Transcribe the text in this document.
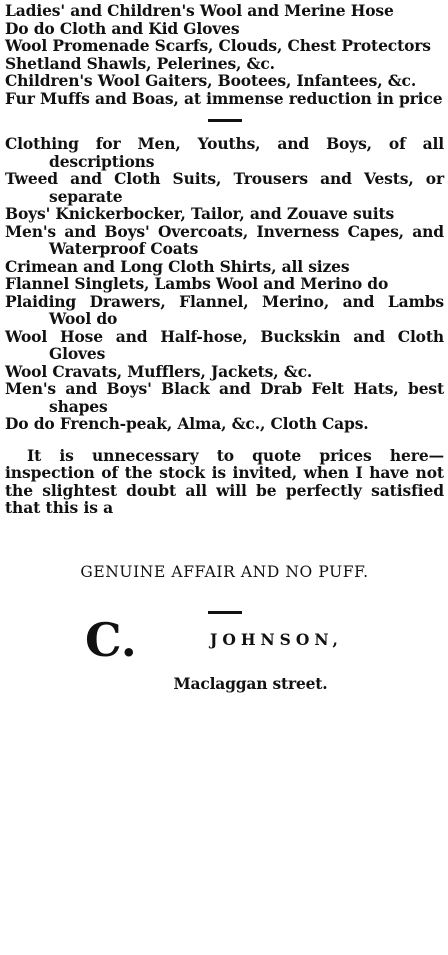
Ladies' and Children's Wool and Merine Hose

Do do Cloth and Kid Gloves

Wool Promenade Scarfs, Clouds, Chest Protectors

Shetland Shawls, Pelerines, &c.

Children's Wool Gaiters, Bootees, Infantees, &c.

Fur Muffs and Boas, at immense reduction in price

Clothing for Men, Youths, and Boys, of all descriptions

Tweed and Cloth Suits, Trousers and Vests, or separate

Boys' Knickerbocker, Tailor, and Zouave suits

Men's and Boys' Overcoats, Inverness Capes, and Waterproof Coats

Crimean and Long Cloth Shirts, all sizes

Flannel Singlets, Lambs Wool and Merino do

Plaiding Drawers, Flannel, Merino, and Lambs Wool do

Wool Hose and Half-hose, Buckskin and Cloth Gloves

Wool Cravats, Mufflers, Jackets, &c.

Men's and Boys' Black and Drab Felt Hats, best shapes

Do do French-peak, Alma, &c., Cloth Caps.

It is unnecessary to quote prices here—inspection of the stock is invited, when I have not the slightest doubt all will be perfectly satisfied that this is a

GENUINE AFFAIR AND NO PUFF.

C.	JOHNSON,

Maclaggan street.
